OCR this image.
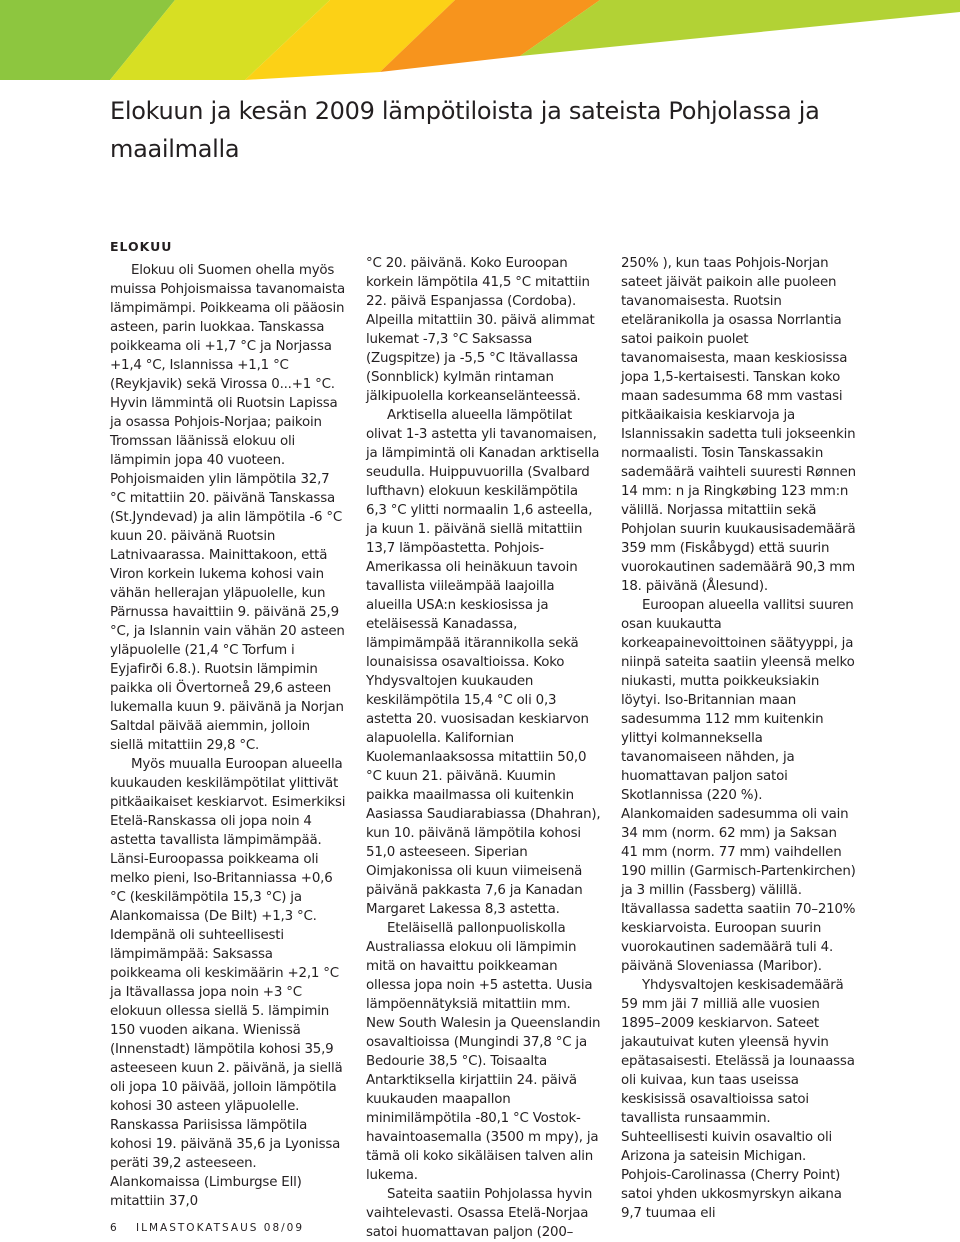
Elokuun ja kesän 2009 lämpötiloista ja sateista Pohjolassa ja maailmalla
ELOKUU

Elokuu oli Suomen ohella myös muissa Pohjoismaissa tavanomaista lämpimämpi. Poikkeama oli pääosin asteen, parin luokkaa. Tanskassa poikkeama oli +1,7 °C ja Norjassa +1,4 °C, Islannissa +1,1 °C (Reykjavik) sekä Virossa 0...+1 °C. Hyvin lämmintä oli Ruotsin Lapissa ja osassa Pohjois-Norjaa; paikoin Tromssan läänissä elokuu oli lämpimin jopa 40 vuoteen. Pohjoismaiden ylin lämpötila 32,7 °C mitattiin 20. päivänä Tanskassa (St.Jyndevad) ja alin lämpötila -6 °C kuun 20. päivänä Ruotsin Latnivaarassa. Mainittakoon, että Viron korkein lukema kohosi vain vähän hellerajan yläpuolelle, kun Pärnussa havaittiin 9. päivänä 25,9 °C, ja Islannin vain vähän 20 asteen yläpuolelle (21,4 °C Torfum i Eyjafirði 6.8.). Ruotsin lämpimin paikka oli Övertorneå 29,6 asteen lukemalla kuun 9. päivänä ja Norjan Saltdal päivää aiemmin, jolloin siellä mitattiin 29,8 °C.

Myös muualla Euroopan alueella kuukauden keskilämpötilat ylittivät pitkäaikaiset keskiarvot. Esimerkiksi Etelä-Ranskassa oli jopa noin 4 astetta tavallista lämpimämpää. Länsi-Euroopassa poikkeama oli melko pieni, Iso-Britanniassa +0,6 °C (keskilämpötila 15,3 °C) ja Alankomaissa (De Bilt) +1,3 °C. Idempänä oli suhteellisesti lämpimämpää: Saksassa poikkeama oli keskimäärin +2,1 °C ja Itävallassa jopa noin +3 °C elokuun ollessa siellä 5. lämpimin 150 vuoden aikana. Wienissä (Innenstadt) lämpötila kohosi 35,9 asteeseen kuun 2. päivänä, ja siellä oli jopa 10 päivää, jolloin lämpötila kohosi 30 asteen yläpuolelle. Ranskassa Pariisissa lämpötila kohosi 19. päivänä 35,6 ja Lyonissa peräti 39,2 asteeseen. Alankomaissa (Limburgse Ell) mitattiin 37,0

°C 20. päivänä. Koko Euroopan korkein lämpötila 41,5 °C mitattiin 22. päivä Espanjassa (Cordoba). Alpeilla mitattiin 30. päivä alimmat lukemat -7,3 °C Saksassa (Zugspitze) ja -5,5 °C Itävallassa (Sonnblick) kylmän rintaman jälkipuolella korkeanselänteessä.

Arktisella alueella lämpötilat olivat 1-3 astetta yli tavanomaisen, ja lämpimintä oli Kanadan arktisella seudulla. Huippuvuorilla (Svalbard lufthavn) elokuun keskilämpötila 6,3 °C ylitti normaalin 1,6 asteella, ja kuun 1. päivänä siellä mitattiin 13,7 lämpöastetta. Pohjois-Amerikassa oli heinäkuun tavoin tavallista viileämpää laajoilla alueilla USA:n keskiosissa ja eteläisessä Kanadassa, lämpimämpää itärannikolla sekä lounaisissa osavaltioissa. Koko Yhdysvaltojen kuukauden keskilämpötila 15,4 °C oli 0,3 astetta 20. vuosisadan keskiarvon alapuolella. Kalifornian Kuolemanlaaksossa mitattiin 50,0 °C kuun 21. päivänä. Kuumin paikka maailmassa oli kuitenkin Aasiassa Saudiarabiassa (Dhahran), kun 10. päivänä lämpötila kohosi 51,0 asteeseen. Siperian Oimjakonissa oli kuun viimeisenä päivänä pakkasta 7,6 ja Kanadan Margaret Lakessa 8,3 astetta.

Eteläisellä pallonpuoliskolla Australiassa elokuu oli lämpimin mitä on havaittu poikkeaman ollessa jopa noin +5 astetta. Uusia lämpöennätyksiä mitattiin mm. New South Walesin ja Queenslandin osavaltioissa (Mungindi 37,8 °C ja Bedourie 38,5 °C). Toisaalta Antarktiksella kirjattiin 24. päivä kuukauden maapallon minimilämpötila -80,1 °C Vostok-havaintoasemalla (3500 m mpy), ja tämä oli koko sikäläisen talven alin lukema.

Sateita saatiin Pohjolassa hyvin vaihtelevasti. Osassa Etelä-Norjaa satoi huomattavan paljon (200–

250% ), kun taas Pohjois-Norjan sateet jäivät paikoin alle puoleen tavanomaisesta. Ruotsin eteläranikolla ja osassa Norrlantia satoi paikoin puolet tavanomaisesta, maan keskiosissa jopa 1,5-kertaisesti. Tanskan koko maan sadesumma 68 mm vastasi pitkäaikaisia keskiarvoja ja Islannissakin sadetta tuli jokseenkin normaalisti. Tosin Tanskassakin sademäärä vaihteli suuresti Rønnen 14 mm: n ja Ringkøbing 123 mm:n välillä. Norjassa mitattiin sekä Pohjolan suurin kuukausisademäärä 359 mm (Fiskåbygd) että suurin vuorokautinen sademäärä 90,3 mm 18. päivänä (Ålesund).

Euroopan alueella vallitsi suuren osan kuukautta korkeapainevoittoinen säätyyppi, ja niinpä sateita saatiin yleensä melko niukasti, mutta poikkeuksiakin löytyi. Iso-Britannian maan sadesumma 112 mm kuitenkin ylittyi kolmanneksella tavanomaiseen nähden, ja huomattavan paljon satoi Skotlannissa (220 %). Alankomaiden sadesumma oli vain 34 mm (norm. 62 mm) ja Saksan 41 mm (norm. 77 mm) vaihdellen 190 millin (Garmisch-Partenkirchen) ja 3 millin (Fassberg) välillä. Itävallassa sadetta saatiin 70–210% keskiarvoista. Euroopan suurin vuorokautinen sademäärä tuli 4. päivänä Sloveniassa (Maribor).

Yhdysvaltojen keskisademäärä 59 mm jäi 7 milliä alle vuosien 1895–2009 keskiarvon. Sateet jakautuivat kuten yleensä hyvin epätasaisesti. Etelässä ja lounaassa oli kuivaa, kun taas useissa keskisissä osavaltioissa satoi tavallista runsaammin. Suhteellisesti kuivin osavaltio oli Arizona ja sateisin Michigan. Pohjois-Carolinassa (Cherry Point) satoi yhden ukkosmyrskyn aikana 9,7 tuumaa eli

6 ILMASTOKATSAUS 08/09
